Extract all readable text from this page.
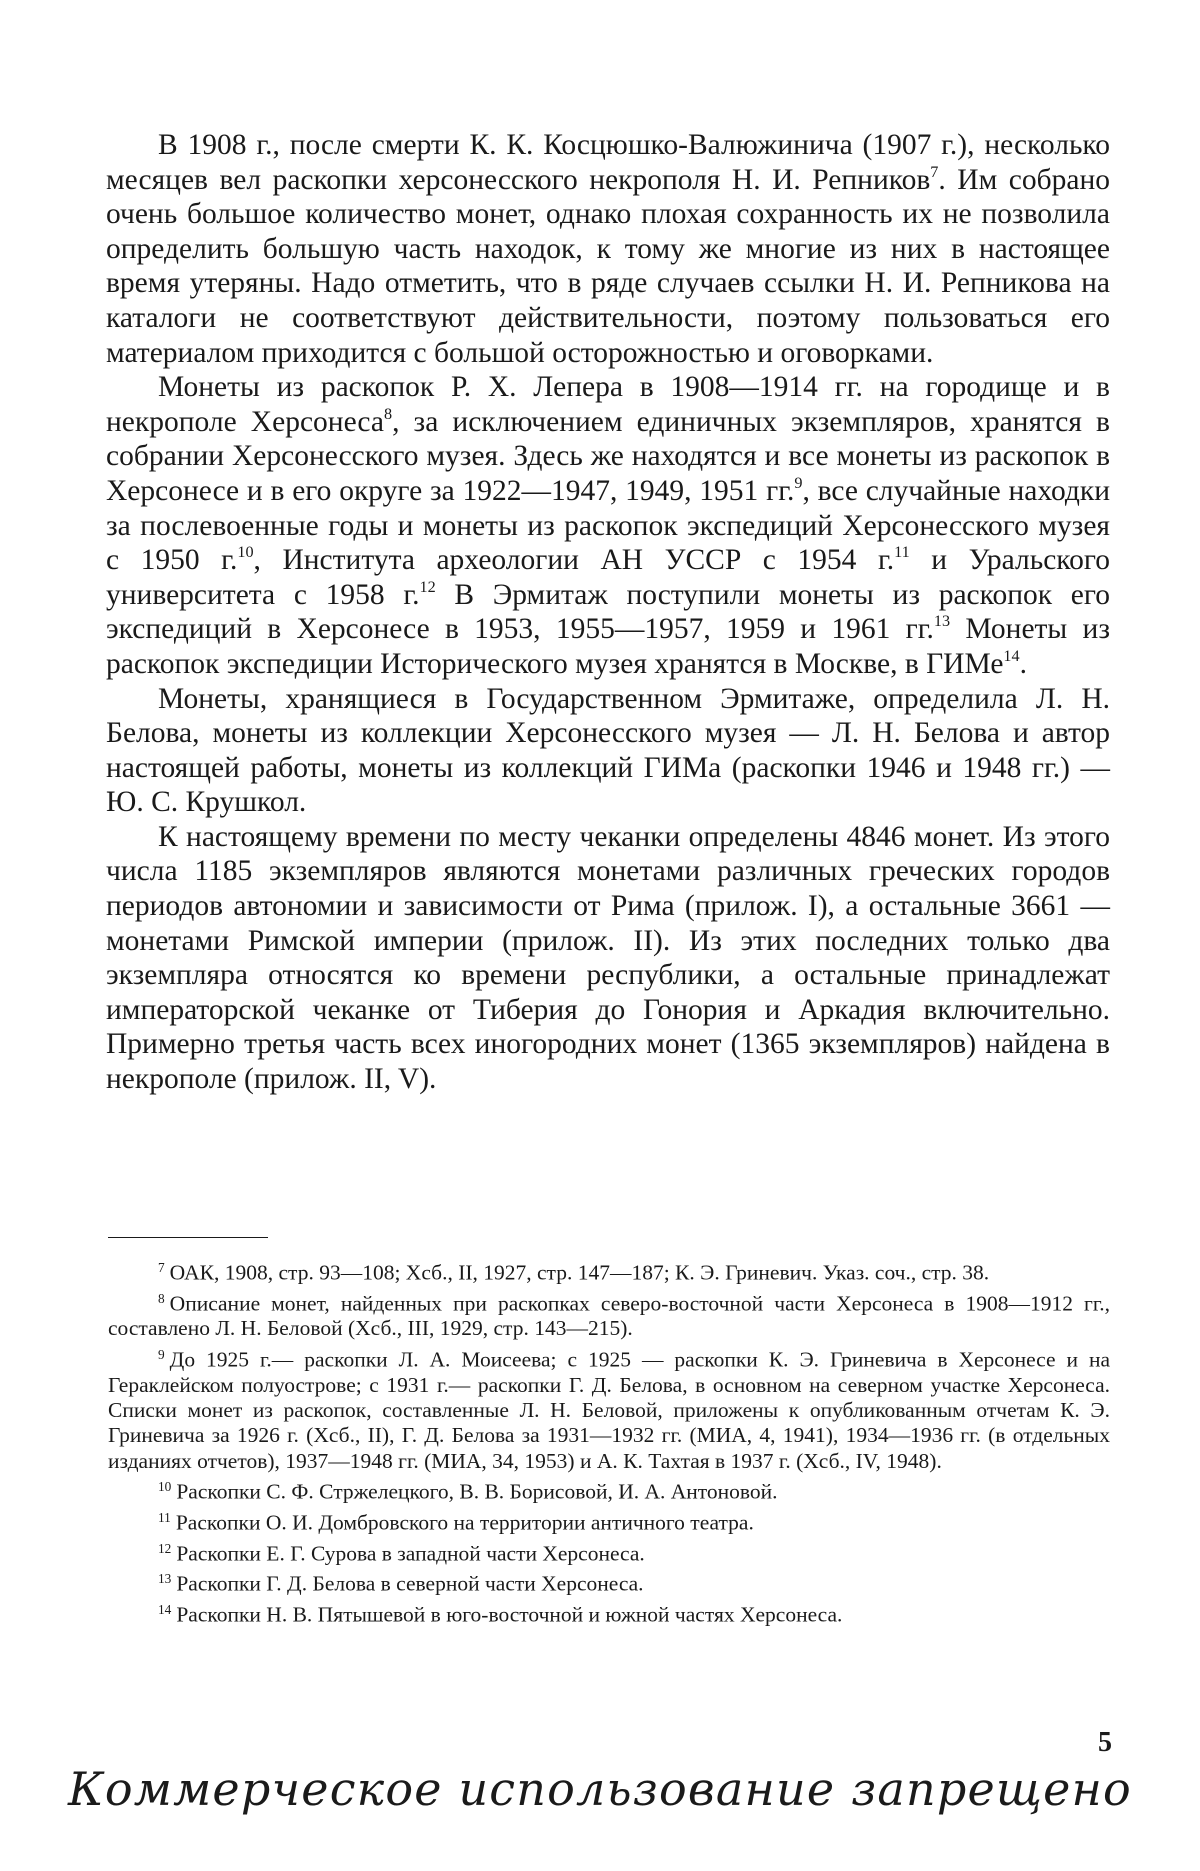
В 1908 г., после смерти К. К. Косцюшко-Валюжинича (1907 г.), несколько месяцев вел раскопки херсонесского некрополя Н. И. Репников7. Им собрано очень большое количество монет, однако плохая сохранность их не позволила определить большую часть находок, к тому же многие из них в настоящее время утеряны. Надо отметить, что в ряде случаев ссылки Н. И. Репникова на каталоги не соответствуют действительности, поэтому пользоваться его материалом приходится с большой осторожностью и оговорками.

Монеты из раскопок Р. Х. Лепера в 1908—1914 гг. на городище и в некрополе Херсонеса8, за исключением единичных экземпляров, хранятся в собрании Херсонесского музея. Здесь же находятся и все монеты из раскопок в Херсонесе и в его округе за 1922—1947, 1949, 1951 гг.9, все случайные находки за послевоенные годы и монеты из раскопок экспедиций Херсонесского музея с 1950 г.10, Института археологии АН УССР с 1954 г.11 и Уральского университета с 1958 г.12 В Эрмитаж поступили монеты из раскопок его экспедиций в Херсонесе в 1953, 1955—1957, 1959 и 1961 гг.13 Монеты из раскопок экспедиции Исторического музея хранятся в Москве, в ГИМе14.

Монеты, хранящиеся в Государственном Эрмитаже, определила Л. Н. Белова, монеты из коллекции Херсонесского музея — Л. Н. Белова и автор настоящей работы, монеты из коллекций ГИМа (раскопки 1946 и 1948 гг.) — Ю. С. Крушкол.

К настоящему времени по месту чеканки определены 4846 монет. Из этого числа 1185 экземпляров являются монетами различных греческих городов периодов автономии и зависимости от Рима (прилож. I), а остальные 3661 — монетами Римской империи (прилож. II). Из этих последних только два экземпляра относятся ко времени республики, а остальные принадлежат императорской чеканке от Тиберия до Гонория и Аркадия включительно. Примерно третья часть всех иногородних монет (1365 экземпляров) найдена в некрополе (прилож. II, V).

7 ОАК, 1908, стр. 93—108; Хсб., II, 1927, стр. 147—187; К. Э. Гриневич. Указ. соч., стр. 38.

8 Описание монет, найденных при раскопках северо-восточной части Херсонеса в 1908—1912 гг., составлено Л. Н. Беловой (Хсб., III, 1929, стр. 143—215).

9 До 1925 г.— раскопки Л. А. Моисеева; с 1925 — раскопки К. Э. Гриневича в Херсонесе и на Гераклейском полуострове; с 1931 г.— раскопки Г. Д. Белова, в основном на северном участке Херсонеса. Списки монет из раскопок, составленные Л. Н. Беловой, приложены к опубликованным отчетам К. Э. Гриневича за 1926 г. (Хсб., II), Г. Д. Белова за 1931—1932 гг. (МИА, 4, 1941), 1934—1936 гг. (в отдельных изданиях отчетов), 1937—1948 гг. (МИА, 34, 1953) и А. К. Тахтая в 1937 г. (Хсб., IV, 1948).

10 Раскопки С. Ф. Стржелецкого, В. В. Борисовой, И. А. Антоновой.

11 Раскопки О. И. Домбровского на территории античного театра.

12 Раскопки Е. Г. Сурова в западной части Херсонеса.

13 Раскопки Г. Д. Белова в северной части Херсонеса.

14 Раскопки Н. В. Пятышевой в юго-восточной и южной частях Херсонеса.

5
Коммерческое использование запрещено
